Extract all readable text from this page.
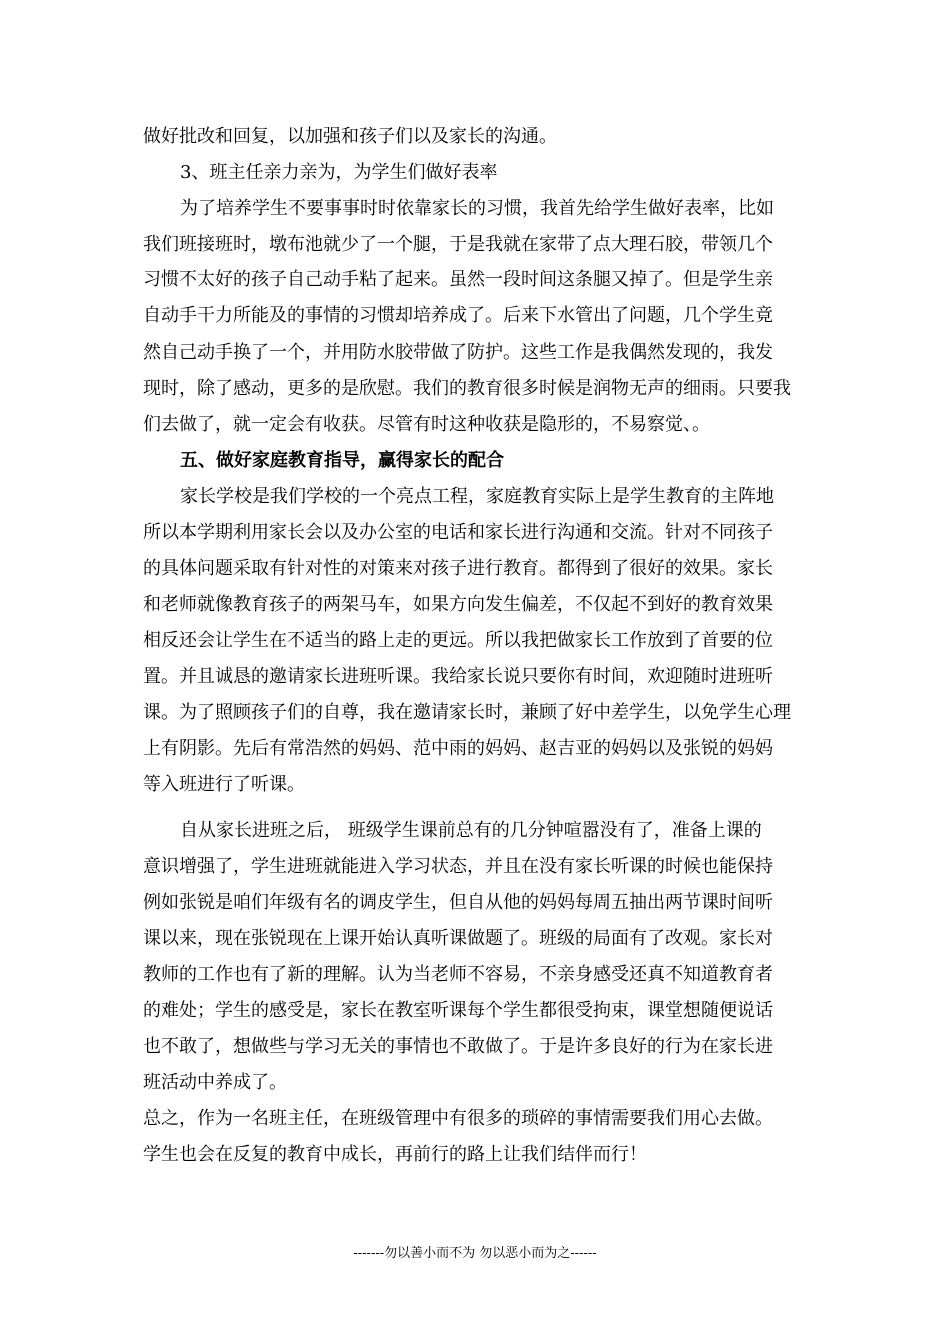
做好批改和回复，以加强和孩子们以及家长的沟通。
3、班主任亲力亲为，为学生们做好表率
为了培养学生不要事事时时依靠家长的习惯，我首先给学生做好表率，比如
我们班接班时，墩布池就少了一个腿，于是我就在家带了点大理石胶，带领几个
习惯不太好的孩子自己动手粘了起来。虽然一段时间这条腿又掉了。但是学生亲
自动手干力所能及的事情的习惯却培养成了。后来下水管出了问题，几个学生竟
然自己动手换了一个，并用防水胶带做了防护。这些工作是我偶然发现的，我发
现时，除了感动，更多的是欣慰。我们的教育很多时候是润物无声的细雨。只要我
们去做了，就一定会有收获。尽管有时这种收获是隐形的，不易察觉、。
五、做好家庭教育指导，赢得家长的配合
家长学校是我们学校的一个亮点工程，家庭教育实际上是学生教育的主阵地
所以本学期利用家长会以及办公室的电话和家长进行沟通和交流。针对不同孩子
的具体问题采取有针对性的对策来对孩子进行教育。都得到了很好的效果。家长
和老师就像教育孩子的两架马车，如果方向发生偏差，不仅起不到好的教育效果
相反还会让学生在不适当的路上走的更远。所以我把做家长工作放到了首要的位
置。并且诚恳的邀请家长进班听课。我给家长说只要你有时间，欢迎随时进班听
课。为了照顾孩子们的自尊，我在邀请家长时，兼顾了好中差学生，以免学生心理
上有阴影。先后有常浩然的妈妈、范中雨的妈妈、赵吉亚的妈妈以及张锐的妈妈
等入班进行了听课。
自从家长进班之后， 班级学生课前总有的几分钟喧嚣没有了，准备上课的
意识增强了，学生进班就能进入学习状态，并且在没有家长听课的时候也能保持
例如张锐是咱们年级有名的调皮学生，但自从他的妈妈每周五抽出两节课时间听
课以来，现在张锐现在上课开始认真听课做题了。班级的局面有了改观。家长对
教师的工作也有了新的理解。认为当老师不容易，不亲身感受还真不知道教育者
的难处；学生的感受是，家长在教室听课每个学生都很受拘束，课堂想随便说话
也不敢了，想做些与学习无关的事情也不敢做了。于是许多良好的行为在家长进
班活动中养成了。
总之，作为一名班主任，在班级管理中有很多的琐碎的事情需要我们用心去做。
学生也会在反复的教育中成长，再前行的路上让我们结伴而行！
-------勿以善小而不为 勿以恶小而为之------
